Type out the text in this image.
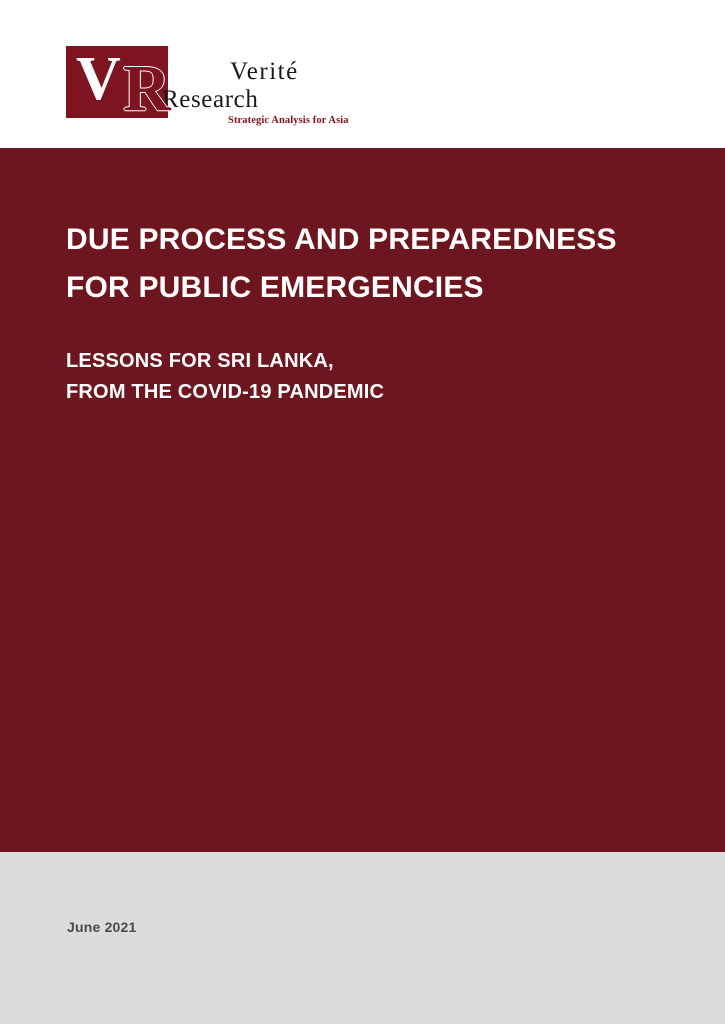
V R	Verité
Research
Strategic Analysis for Asia
DUE PROCESS AND PREPAREDNESS
FOR PUBLIC EMERGENCIES
LESSONS FOR SRI LANKA,
FROM THE COVID-19 PANDEMIC
June 2021
